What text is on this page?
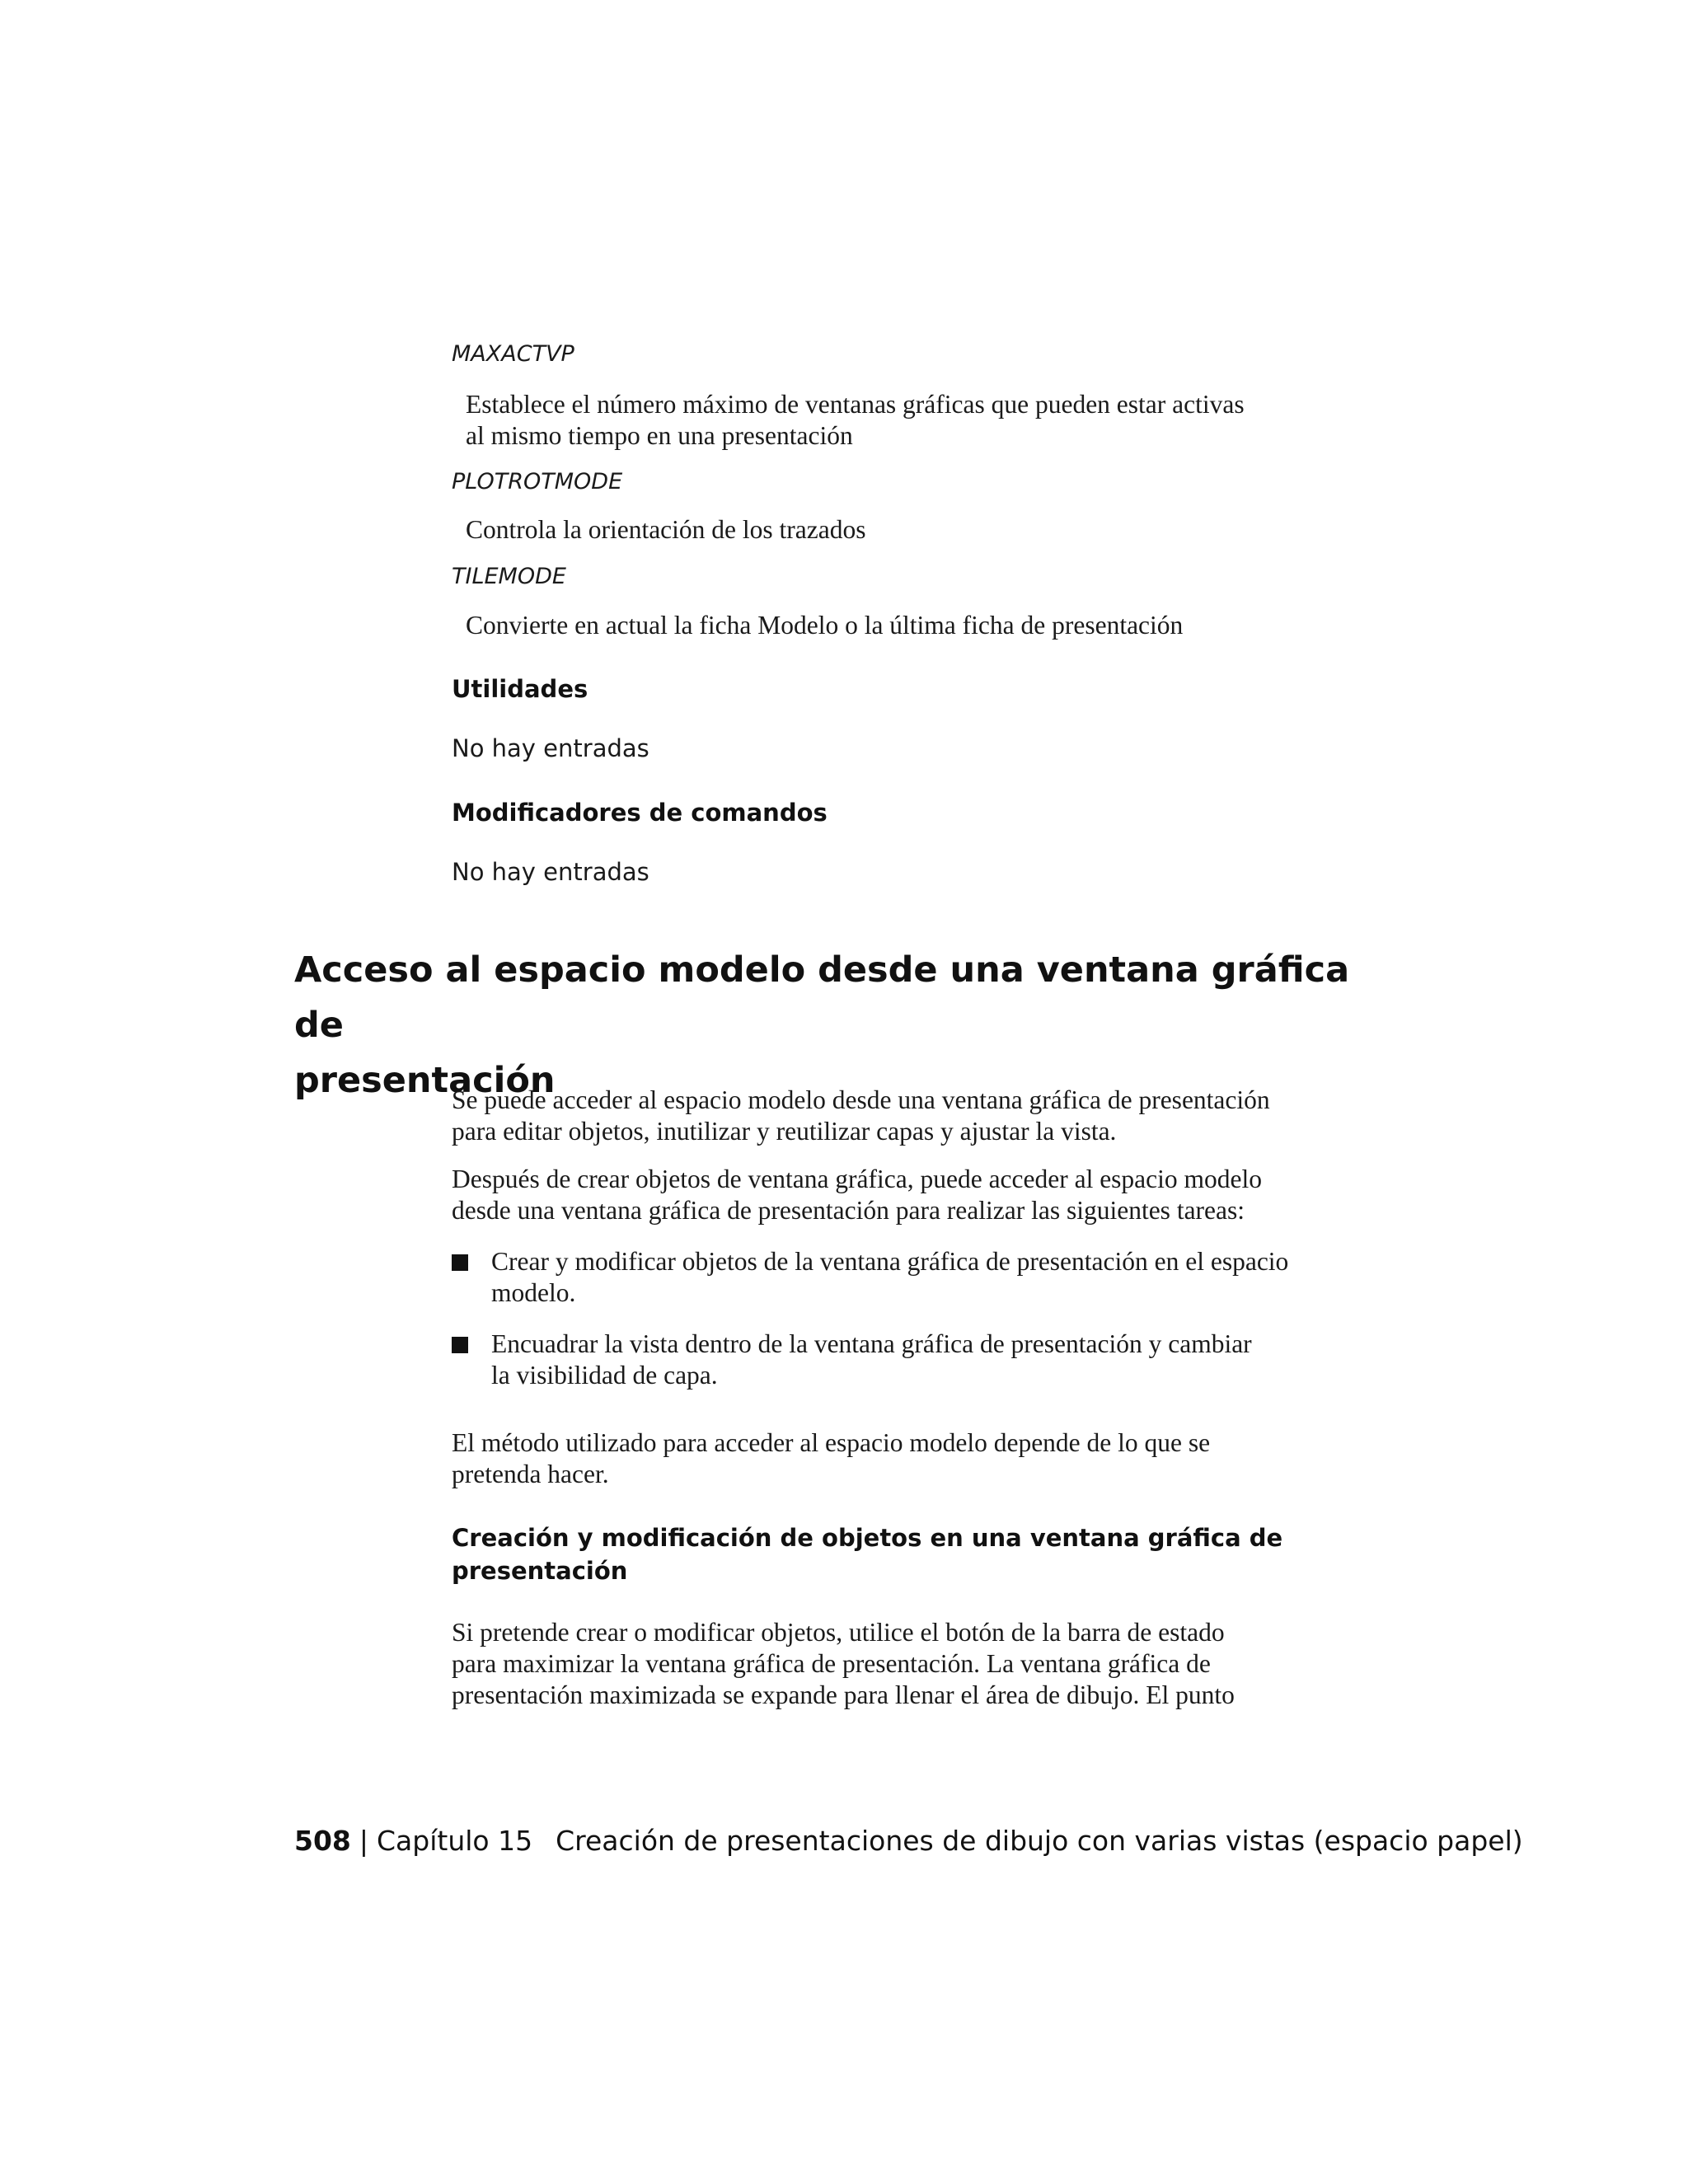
MAXACTVP
Establece el número máximo de ventanas gráficas que pueden estar activas
al mismo tiempo en una presentación
PLOTROTMODE
Controla la orientación de los trazados
TILEMODE
Convierte en actual la ficha Modelo o la última ficha de presentación
Utilidades
No hay entradas
Modificadores de comandos
No hay entradas
Acceso al espacio modelo desde una ventana gráfica de
presentación
Se puede acceder al espacio modelo desde una ventana gráfica de presentación
para editar objetos, inutilizar y reutilizar capas y ajustar la vista.
Después de crear objetos de ventana gráfica, puede acceder al espacio modelo
desde una ventana gráfica de presentación para realizar las siguientes tareas:
Crear y modificar objetos de la ventana gráfica de presentación en el espacio
modelo.
Encuadrar la vista dentro de la ventana gráfica de presentación y cambiar
la visibilidad de capa.
El método utilizado para acceder al espacio modelo depende de lo que se
pretenda hacer.
Creación y modificación de objetos en una ventana gráfica de
presentación
Si pretende crear o modificar objetos, utilice el botón de la barra de estado
para maximizar la ventana gráfica de presentación. La ventana gráfica de
presentación maximizada se expande para llenar el área de dibujo. El punto
508 | Capítulo 15 Creación de presentaciones de dibujo con varias vistas (espacio papel)
